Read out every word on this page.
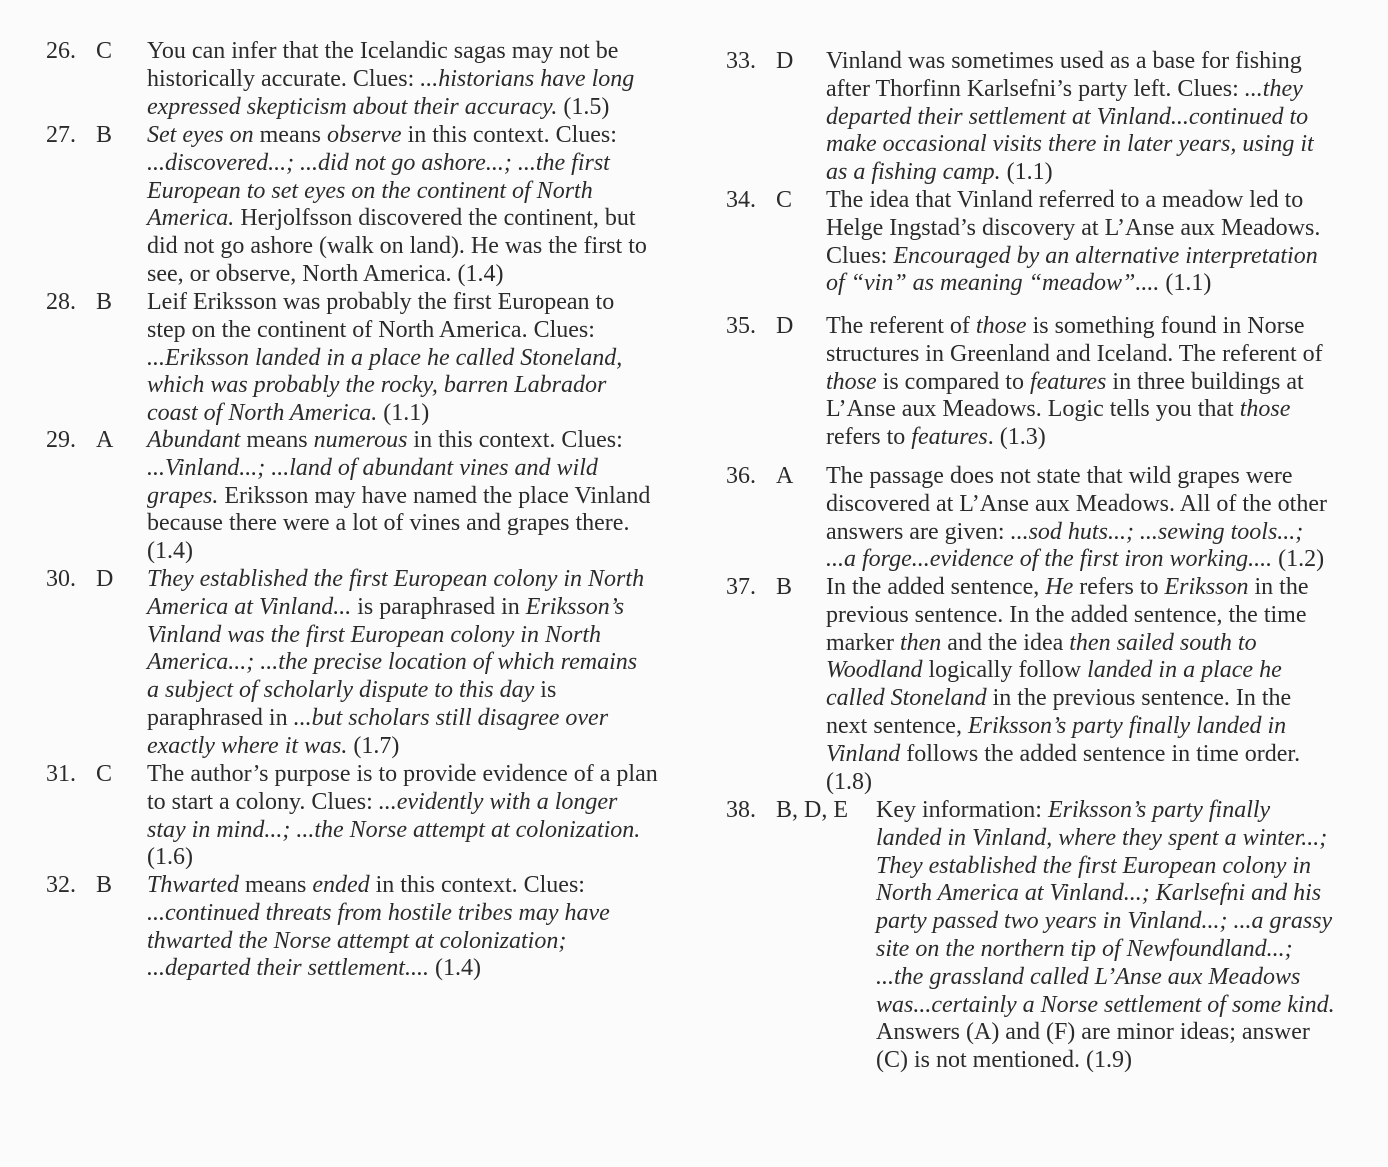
26. C You can infer that the Icelandic sagas may not be
historically accurate. Clues: ...historians have long
expressed skepticism about their accuracy. (1.5)
27. B Set eyes on means observe in this context. Clues:
...discovered...; ...did not go ashore...; ...the first
European to set eyes on the continent of North
America. Herjolfsson discovered the continent, but
did not go ashore (walk on land). He was the first to
see, or observe, North America. (1.4)
28. B Leif Eriksson was probably the first European to
step on the continent of North America. Clues:
...Eriksson landed in a place he called Stoneland,
which was probably the rocky, barren Labrador
coast of North America. (1.1)
29. A Abundant means numerous in this context. Clues:
...Vinland...; ...land of abundant vines and wild
grapes. Eriksson may have named the place Vinland
because there were a lot of vines and grapes there.
(1.4)
30. D They established the first European colony in North
America at Vinland... is paraphrased in Eriksson’s
Vinland was the first European colony in North
America...; ...the precise location of which remains
a subject of scholarly dispute to this day is
paraphrased in ...but scholars still disagree over
exactly where it was. (1.7)
31. C The author’s purpose is to provide evidence of a plan
to start a colony. Clues: ...evidently with a longer
stay in mind...; ...the Norse attempt at colonization.
(1.6)
32. B Thwarted means ended in this context. Clues:
...continued threats from hostile tribes may have
thwarted the Norse attempt at colonization;
...departed their settlement.... (1.4)
33. D Vinland was sometimes used as a base for fishing
after Thorfinn Karlsefni’s party left. Clues: ...they
departed their settlement at Vinland...continued to
make occasional visits there in later years, using it
as a fishing camp. (1.1)
34. C The idea that Vinland referred to a meadow led to
Helge Ingstad’s discovery at L’Anse aux Meadows.
Clues: Encouraged by an alternative interpretation
of “vin” as meaning “meadow”.... (1.1)
35. D The referent of those is something found in Norse
structures in Greenland and Iceland. The referent of
those is compared to features in three buildings at
L’Anse aux Meadows. Logic tells you that those
refers to features. (1.3)
36. A The passage does not state that wild grapes were
discovered at L’Anse aux Meadows. All of the other
answers are given: ...sod huts...; ...sewing tools...;
...a forge...evidence of the first iron working.... (1.2)
37. B In the added sentence, He refers to Eriksson in the
previous sentence. In the added sentence, the time
marker then and the idea then sailed south to
Woodland logically follow landed in a place he
called Stoneland in the previous sentence. In the
next sentence, Eriksson’s party finally landed in
Vinland follows the added sentence in time order.
(1.8)
38. B, D, E Key information: Eriksson’s party finally
landed in Vinland, where they spent a winter...;
They established the first European colony in
North America at Vinland...; Karlsefni and his
party passed two years in Vinland...; ...a grassy
site on the northern tip of Newfoundland...;
...the grassland called L’Anse aux Meadows
was...certainly a Norse settlement of some kind.
Answers (A) and (F) are minor ideas; answer
(C) is not mentioned. (1.9)
